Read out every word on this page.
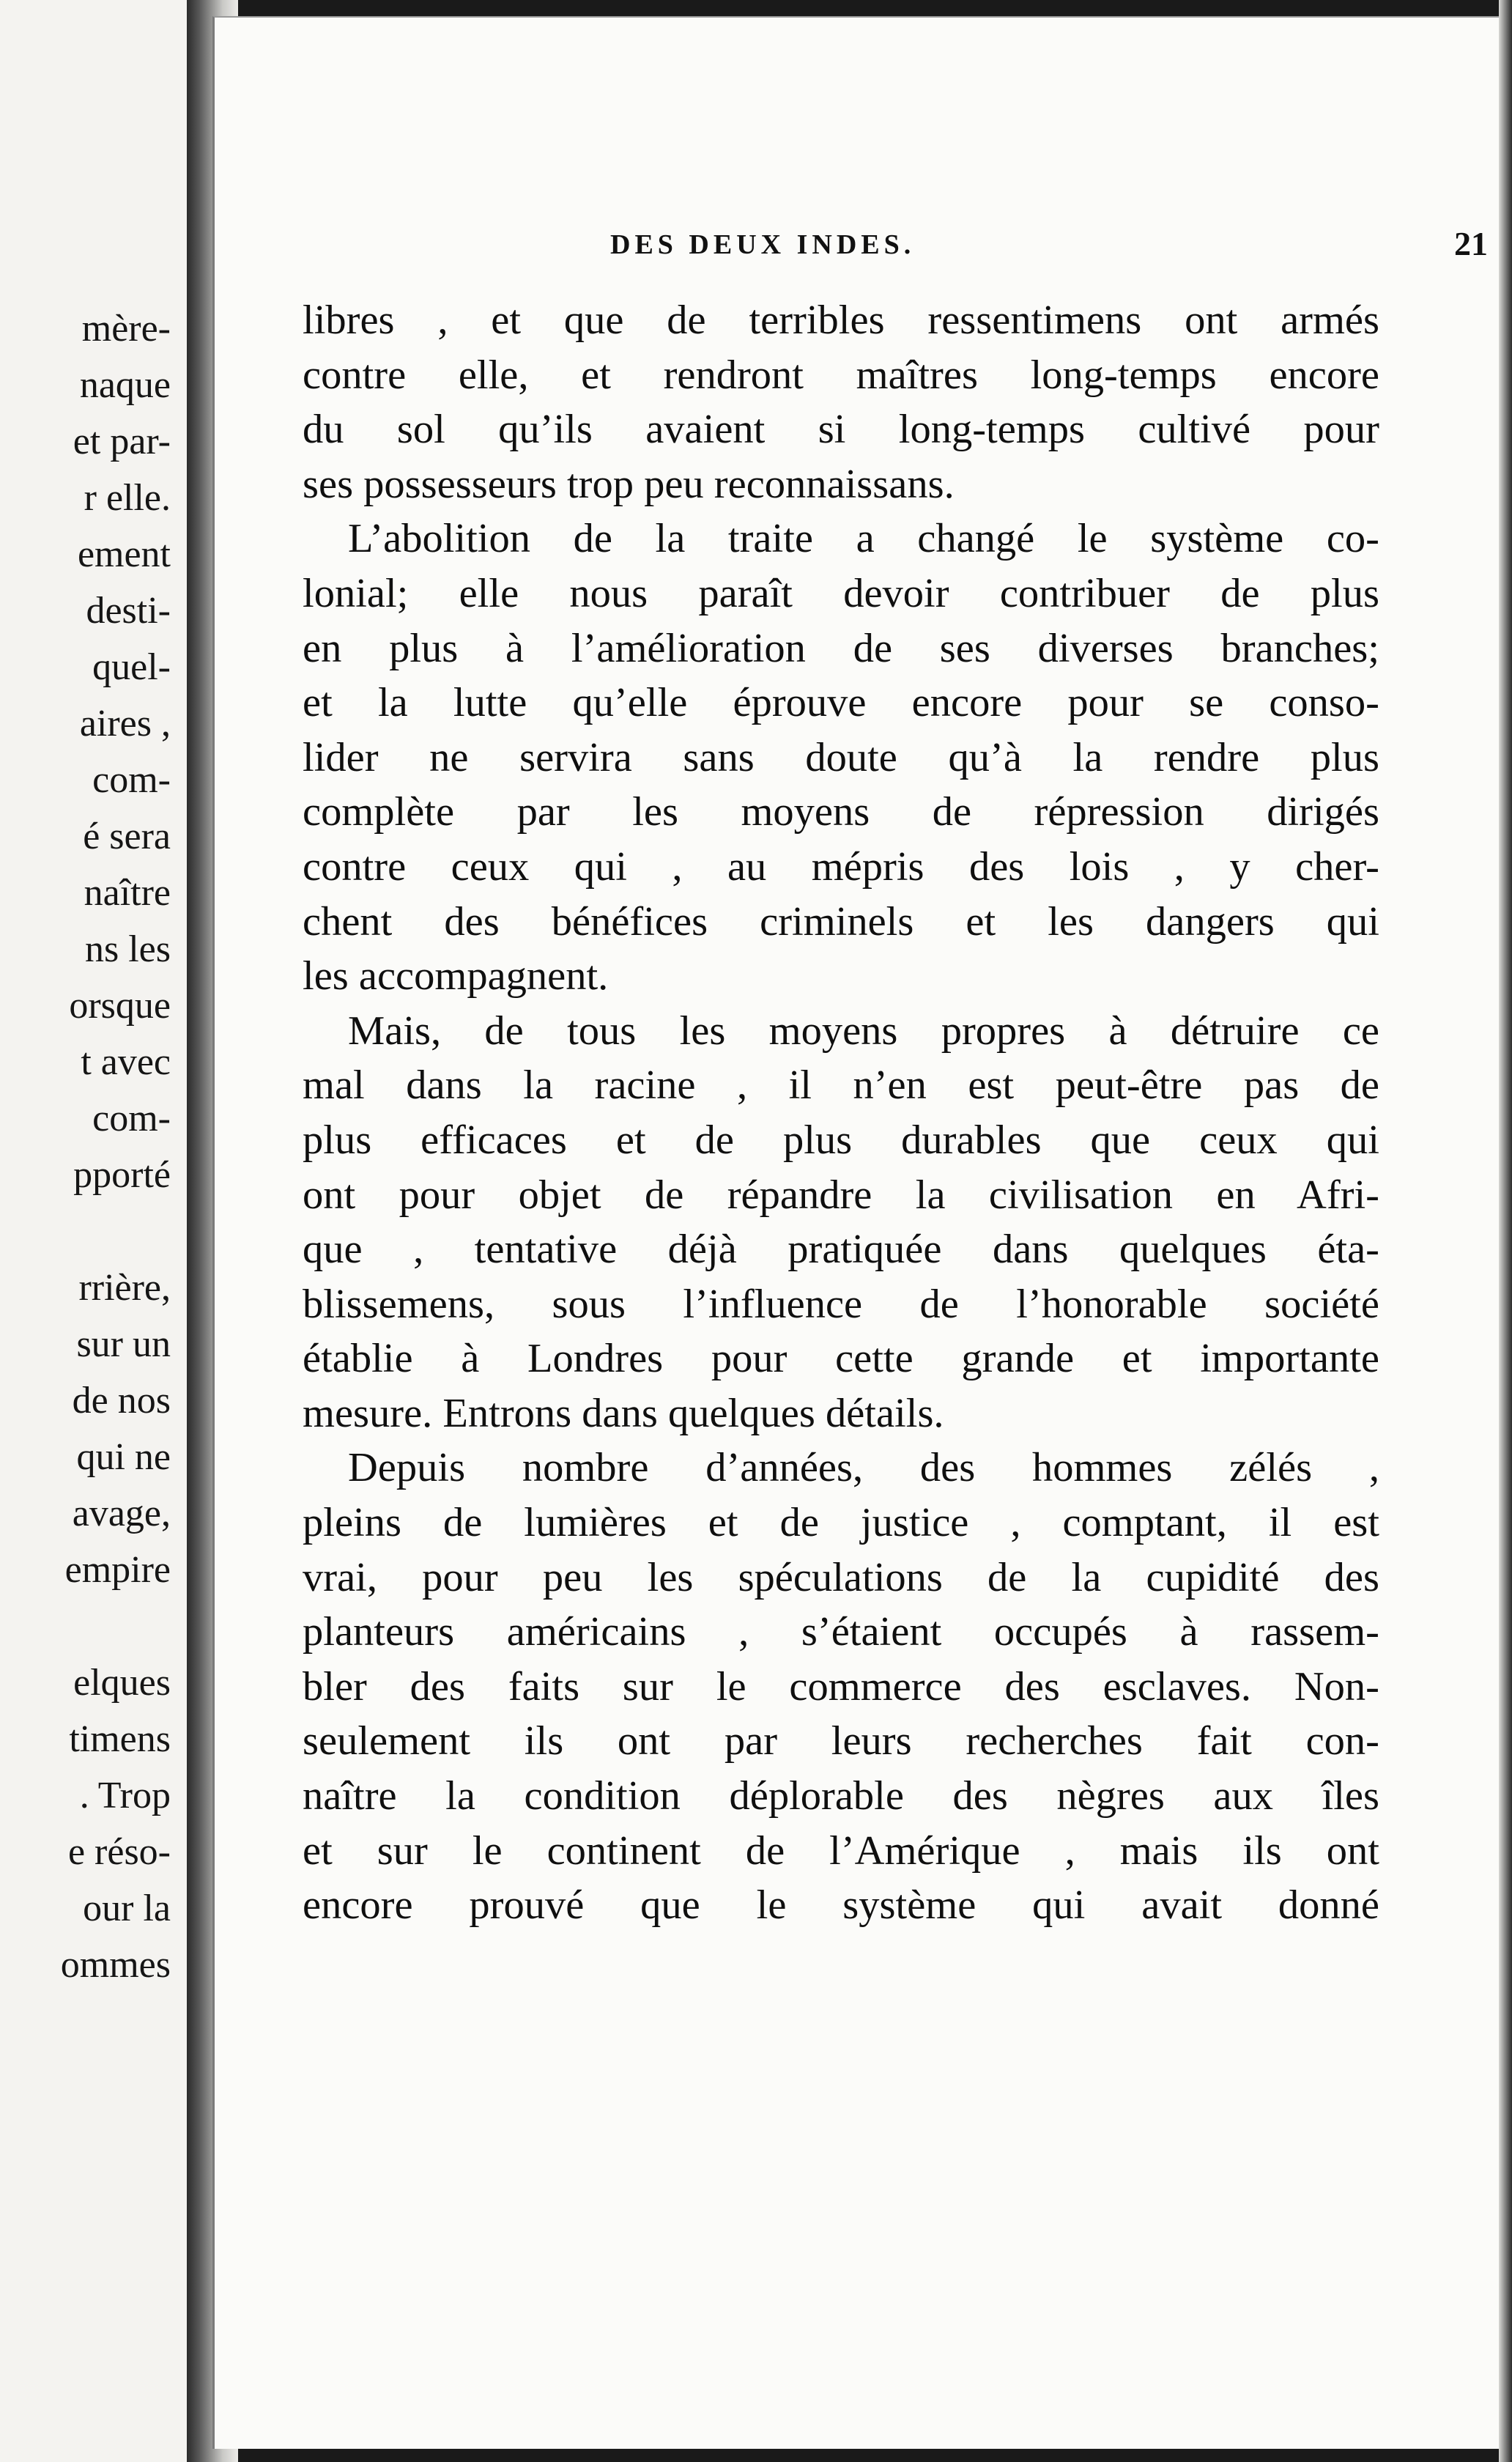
mère-
naque
et par-
r elle.
ement
desti-
quel-
aires ,
com-
é sera
naître
ns les
orsque
t avec
com-
pporté
rrière,
sur un
de nos
qui ne
avage,
empire
elques
timens
. Trop
e réso-
our la
ommes
DES DEUX INDES.	21
libres , et que de terribles ressentimens ont armés
contre elle, et rendront maîtres long-temps encore
du sol qu’ils avaient si long-temps cultivé pour
ses possesseurs trop peu reconnaissans.
L’abolition de la traite a changé le système co-
lonial; elle nous paraît devoir contribuer de plus
en plus à l’amélioration de ses diverses branches;
et la lutte qu’elle éprouve encore pour se conso-
lider ne servira sans doute qu’à la rendre plus
complète par les moyens de répression dirigés
contre ceux qui , au mépris des lois , y cher-
chent des bénéfices criminels et les dangers qui
les accompagnent.
Mais, de tous les moyens propres à détruire ce
mal dans la racine , il n’en est peut-être pas de
plus efficaces et de plus durables que ceux qui
ont pour objet de répandre la civilisation en Afri-
que , tentative déjà pratiquée dans quelques éta-
blissemens, sous l’influence de l’honorable société
établie à Londres pour cette grande et importante
mesure. Entrons dans quelques détails.
Depuis nombre d’années, des hommes zélés ,
pleins de lumières et de justice , comptant, il est
vrai, pour peu les spéculations de la cupidité des
planteurs américains , s’étaient occupés à rassem-
bler des faits sur le commerce des esclaves. Non-
seulement ils ont par leurs recherches fait con-
naître la condition déplorable des nègres aux îles
et sur le continent de l’Amérique , mais ils ont
encore prouvé que le système qui avait donné
